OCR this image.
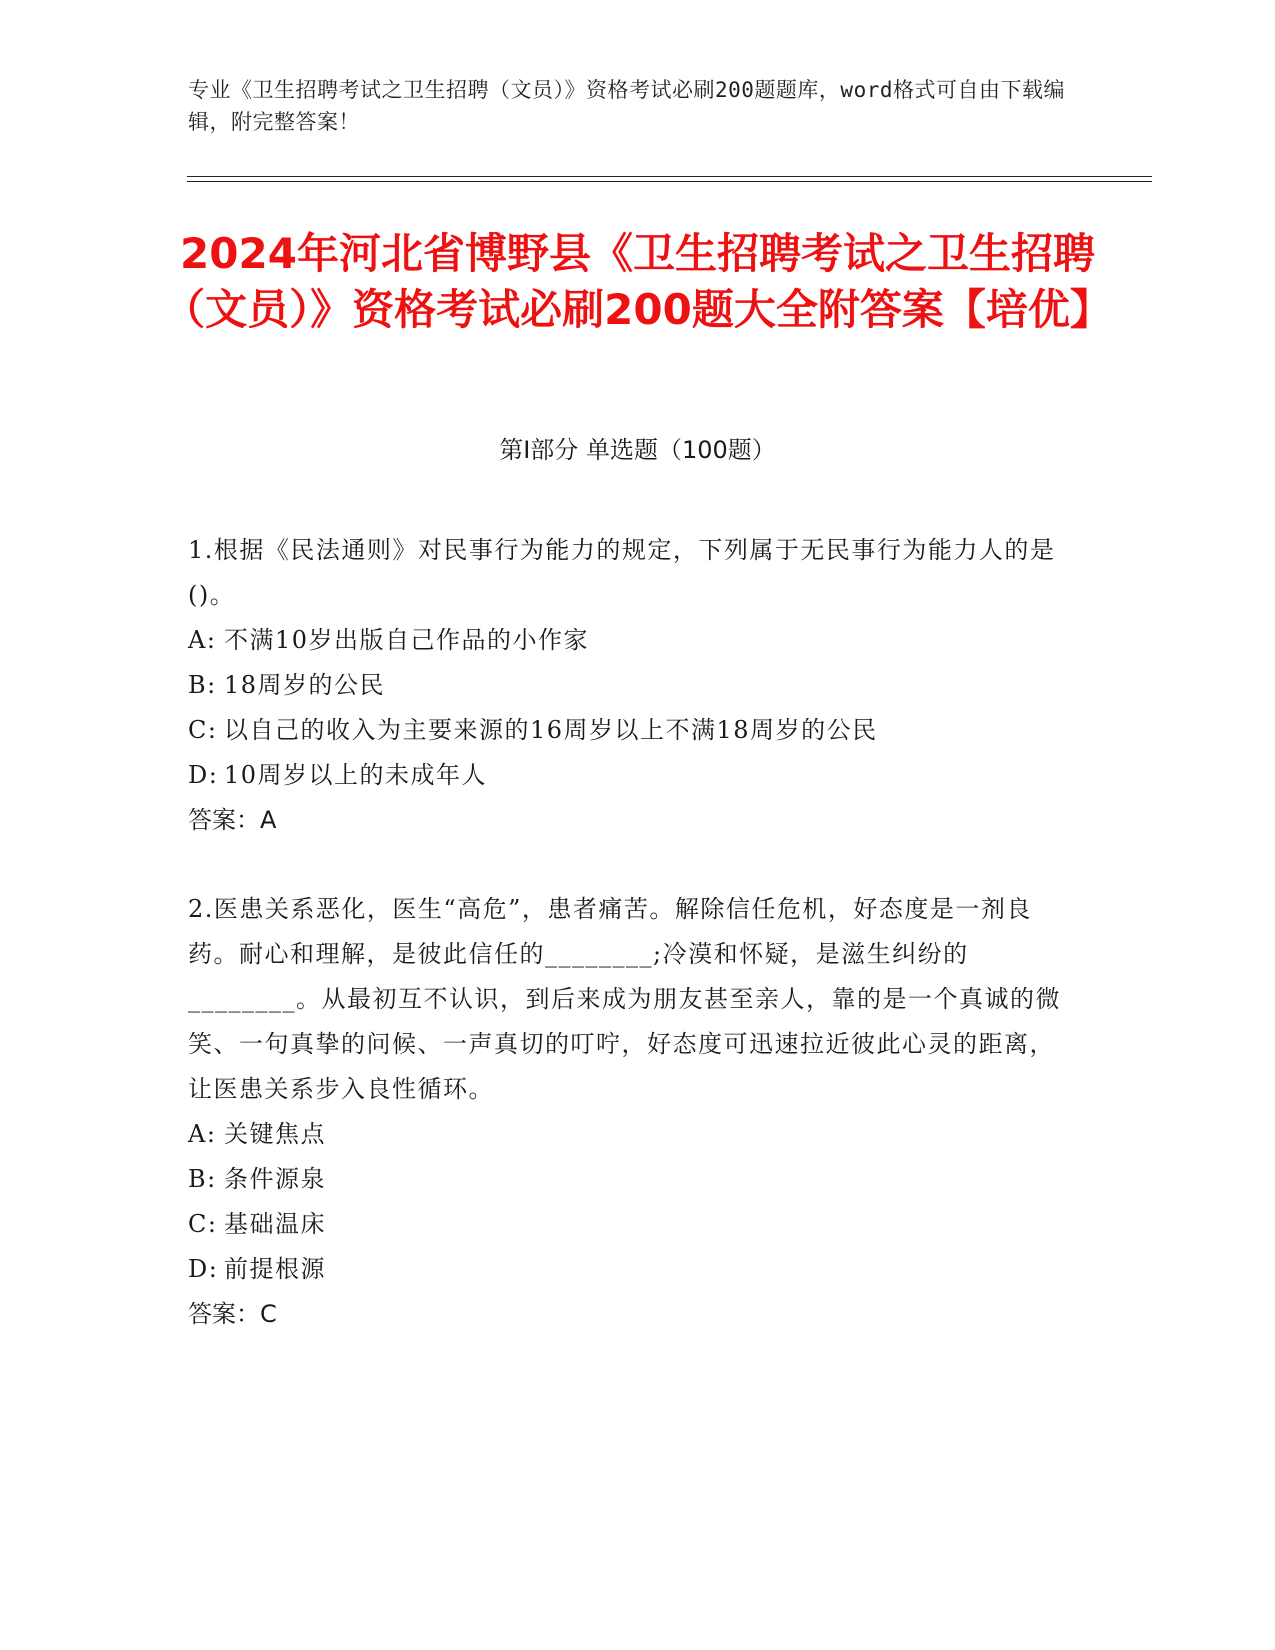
专业《卫生招聘考试之卫生招聘（文员）》资格考试必刷200题题库，word格式可自由下载编辑，附完整答案！
2024年河北省博野县《卫生招聘考试之卫生招聘（文员）》资格考试必刷200题大全附答案【培优】
第Ⅰ部分 单选题（100题）
1.根据《民法通则》对民事行为能力的规定，下列属于无民事行为能力人的是()。
A: 不满10岁出版自己作品的小作家
B: 18周岁的公民
C: 以自己的收入为主要来源的16周岁以上不满18周岁的公民
D: 10周岁以上的未成年人
答案：A
2.医患关系恶化，医生“高危”，患者痛苦。解除信任危机，好态度是一剂良药。耐心和理解，是彼此信任的________;冷漠和怀疑，是滋生纠纷的________。从最初互不认识，到后来成为朋友甚至亲人，靠的是一个真诚的微笑、一句真挚的问候、一声真切的叮咛，好态度可迅速拉近彼此心灵的距离，让医患关系步入良性循环。
A: 关键焦点
B: 条件源泉
C: 基础温床
D: 前提根源
答案：C
